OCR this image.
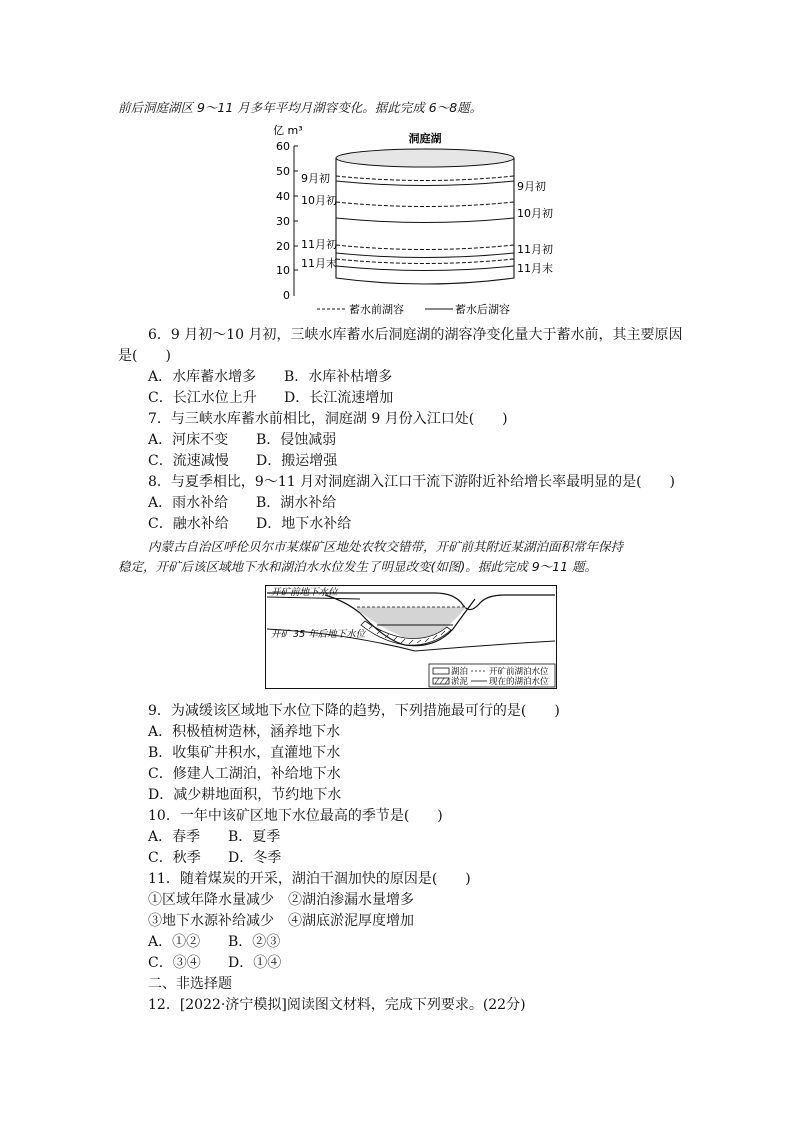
前后洞庭湖区 9～11 月多年平均月湖容变化。据此完成 6～8题。
亿 m³
60
50
40
30
20
10
0
洞庭湖
9月初
10月初
11月初
11月末
9月初
10月初
11月初
11月末
蓄水前湖容	蓄水后湖容
6．9 月初～10 月初，三峡水库蓄水后洞庭湖的湖容净变化量大于蓄水前，其主要原因
是(　　)
A．水库蓄水增多 B．水库补枯增多
C．长江水位上升 D．长江流速增加
7．与三峡水库蓄水前相比，洞庭湖 9 月份入江口处(　　)
A．河床不变 B．侵蚀减弱
C．流速减慢 D．搬运增强
8．与夏季相比，9～11 月对洞庭湖入江口干流下游附近补给增长率最明显的是(　　)
A．雨水补给 B．湖水补给
C．融水补给 D．地下水补给
内蒙古自治区呼伦贝尔市某煤矿区地处农牧交错带，开矿前其附近某湖泊面积常年保持
稳定，开矿后该区域地下水和湖泊水水位发生了明显改变(如图)。据此完成 9～11 题。
开矿前地下水位
开矿 35 年后地下水位
湖泊
淤泥
开矿前湖泊水位
现在的湖泊水位
9．为减缓该区域地下水位下降的趋势，下列措施最可行的是(　　)
A．积极植树造林，涵养地下水
B．收集矿井积水，直灌地下水
C．修建人工湖泊，补给地下水
D．减少耕地面积，节约地下水
10．一年中该矿区地下水位最高的季节是(　　)
A．春季 B．夏季
C．秋季 D．冬季
11．随着煤炭的开采，湖泊干涸加快的原因是(　　)
①区域年降水量减少 ②湖泊渗漏水量增多
③地下水源补给减少 ④湖底淤泥厚度增加
A．①② B．②③
C．③④ D．①④
二、非选择题
12．[2022·济宁模拟]阅读图文材料，完成下列要求。(22分)
